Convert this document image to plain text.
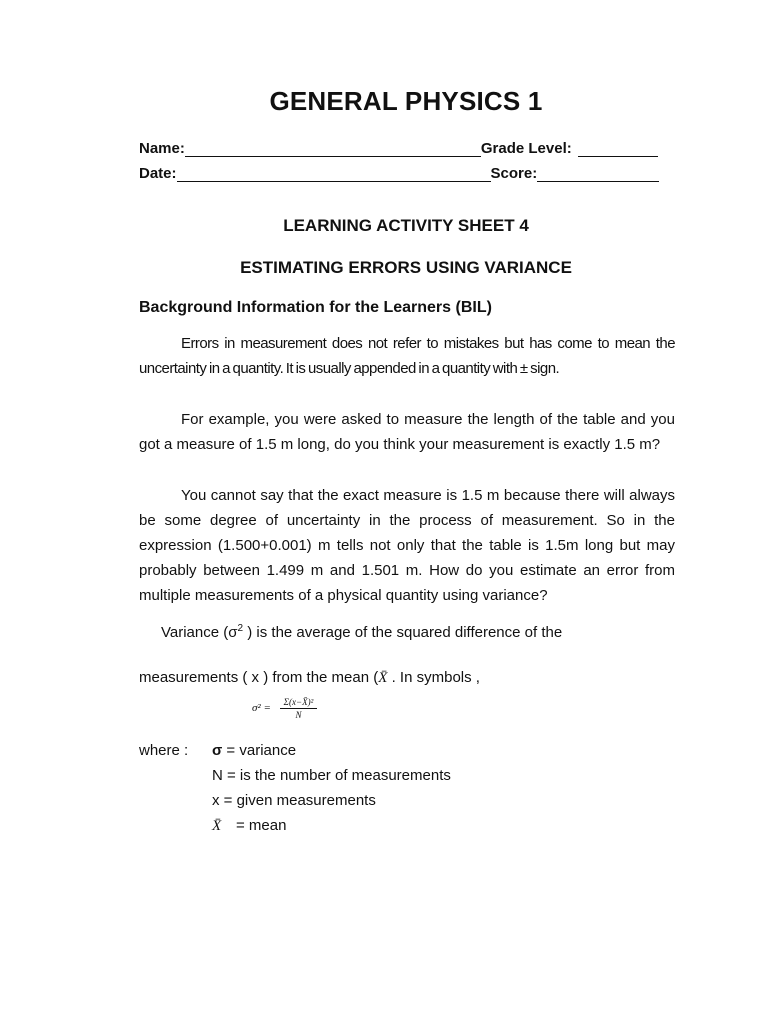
GENERAL PHYSICS 1
Name:	Grade Level:
Date:	Score:
LEARNING ACTIVITY SHEET 4
ESTIMATING ERRORS USING VARIANCE
Background Information for the Learners (BIL)

Errors in measurement does not refer to mistakes but has come to mean the uncertainty in a quantity. It is usually appended in a quantity with ± sign.

For example, you were asked to measure the length of the table and you got a measure of 1.5 m long, do you think your measurement is exactly 1.5 m?

You cannot say that the exact measure is 1.5 m because there will always be some degree of uncertainty in the process of measurement. So in the expression (1.500+0.001) m tells not only that the table is 1.5m long but may probably between 1.499 m and 1.501 m. How do you estimate an error from multiple measurements of a physical quantity using variance?

Variance ($\sigma^2$ ) is the average of the squared difference of the
measurements ( x ) from the mean (X̄ . In symbols ,
$\sigma^2 = \frac{\text{Σ(x−X̄)²}}{N}$
where : σ = variance
N = is the number of measurements
x = given measurements
X̄ = mean
